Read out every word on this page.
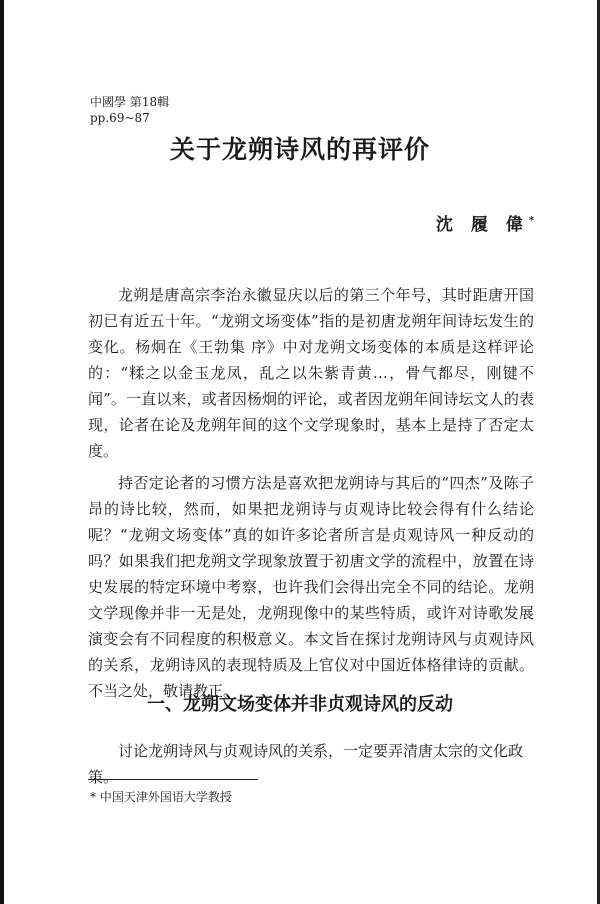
中國學 第18輯
pp.69~87
关于龙朔诗风的再评价
沈 履 偉*

龙朔是唐高宗李治永徽显庆以后的第三个年号，其时距唐开国初已有近五十年。“龙朔文场变体”指的是初唐龙朔年间诗坛发生的变化。杨炯在《王勃集 序》中对龙朔文场变体的本质是这样评论的：“糅之以金玉龙凤，乱之以朱紫青黄…，骨气都尽，刚键不闻”。一直以来，或者因杨炯的评论，或者因龙朔年间诗坛文人的表现，论者在论及龙朔年间的这个文学现象时，基本上是持了否定太度。

持否定论者的习惯方法是喜欢把龙朔诗与其后的“四杰”及陈子昂的诗比较，然而，如果把龙朔诗与贞观诗比较会得有什么结论呢？“龙朔文场变体”真的如许多论者所言是贞观诗风一种反动的吗？如果我们把龙朔文学现象放置于初唐文学的流程中，放置在诗史发展的特定环境中考察，也许我们会得出完全不同的结论。龙朔文学现像并非一无是处，龙朔现像中的某些特质，或许对诗歌发展演变会有不同程度的积极意义。本文旨在探讨龙朔诗风与贞观诗风的关系，龙朔诗风的表现特质及上官仪对中国近体格律诗的贡献。不当之处，敬请教正。

一、龙朔文场变体并非贞观诗风的反动

讨论龙朔诗风与贞观诗风的关系，一定要弄清唐太宗的文化政策。

* 中国天津外国语大学教授
